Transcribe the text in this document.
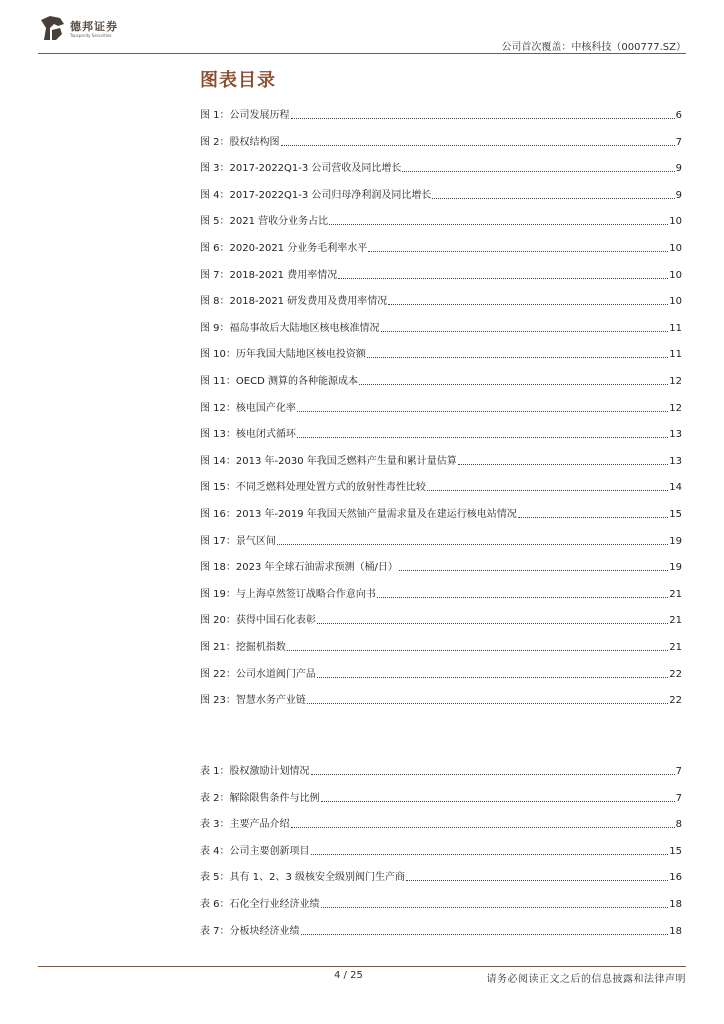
德邦证券
Topsperity Securities
公司首次覆盖：中核科技（000777.SZ）
图表目录
图 1：公司发展历程	6
图 2：股权结构图	7
图 3：2017-2022Q1-3 公司营收及同比增长	9
图 4：2017-2022Q1-3 公司归母净利润及同比增长	9
图 5：2021 营收分业务占比	10
图 6：2020-2021 分业务毛利率水平	10
图 7：2018-2021 费用率情况	10
图 8：2018-2021 研发费用及费用率情况	10
图 9：福岛事故后大陆地区核电核准情况	11
图 10：历年我国大陆地区核电投资额	11
图 11：OECD 测算的各种能源成本	12
图 12：核电国产化率	12
图 13：核电闭式循环	13
图 14：2013 年-2030 年我国乏燃料产生量和累计量估算	13
图 15：不同乏燃料处理处置方式的放射性毒性比较	14
图 16：2013 年-2019 年我国天然铀产量需求量及在建运行核电站情况	15
图 17：景气区间	19
图 18：2023 年全球石油需求预测（桶/日）	19
图 19：与上海卓然签订战略合作意向书	21
图 20：获得中国石化表彰	21
图 21：挖掘机指数	21
图 22：公司水道阀门产品	22
图 23：智慧水务产业链	22
表 1：股权激励计划情况	7
表 2：解除限售条件与比例	7
表 3：主要产品介绍	8
表 4：公司主要创新项目	15
表 5：具有 1、2、3 级核安全级别阀门生产商	16
表 6：石化全行业经济业绩	18
表 7：分板块经济业绩	18
4 / 25	请务必阅读正文之后的信息披露和法律声明
